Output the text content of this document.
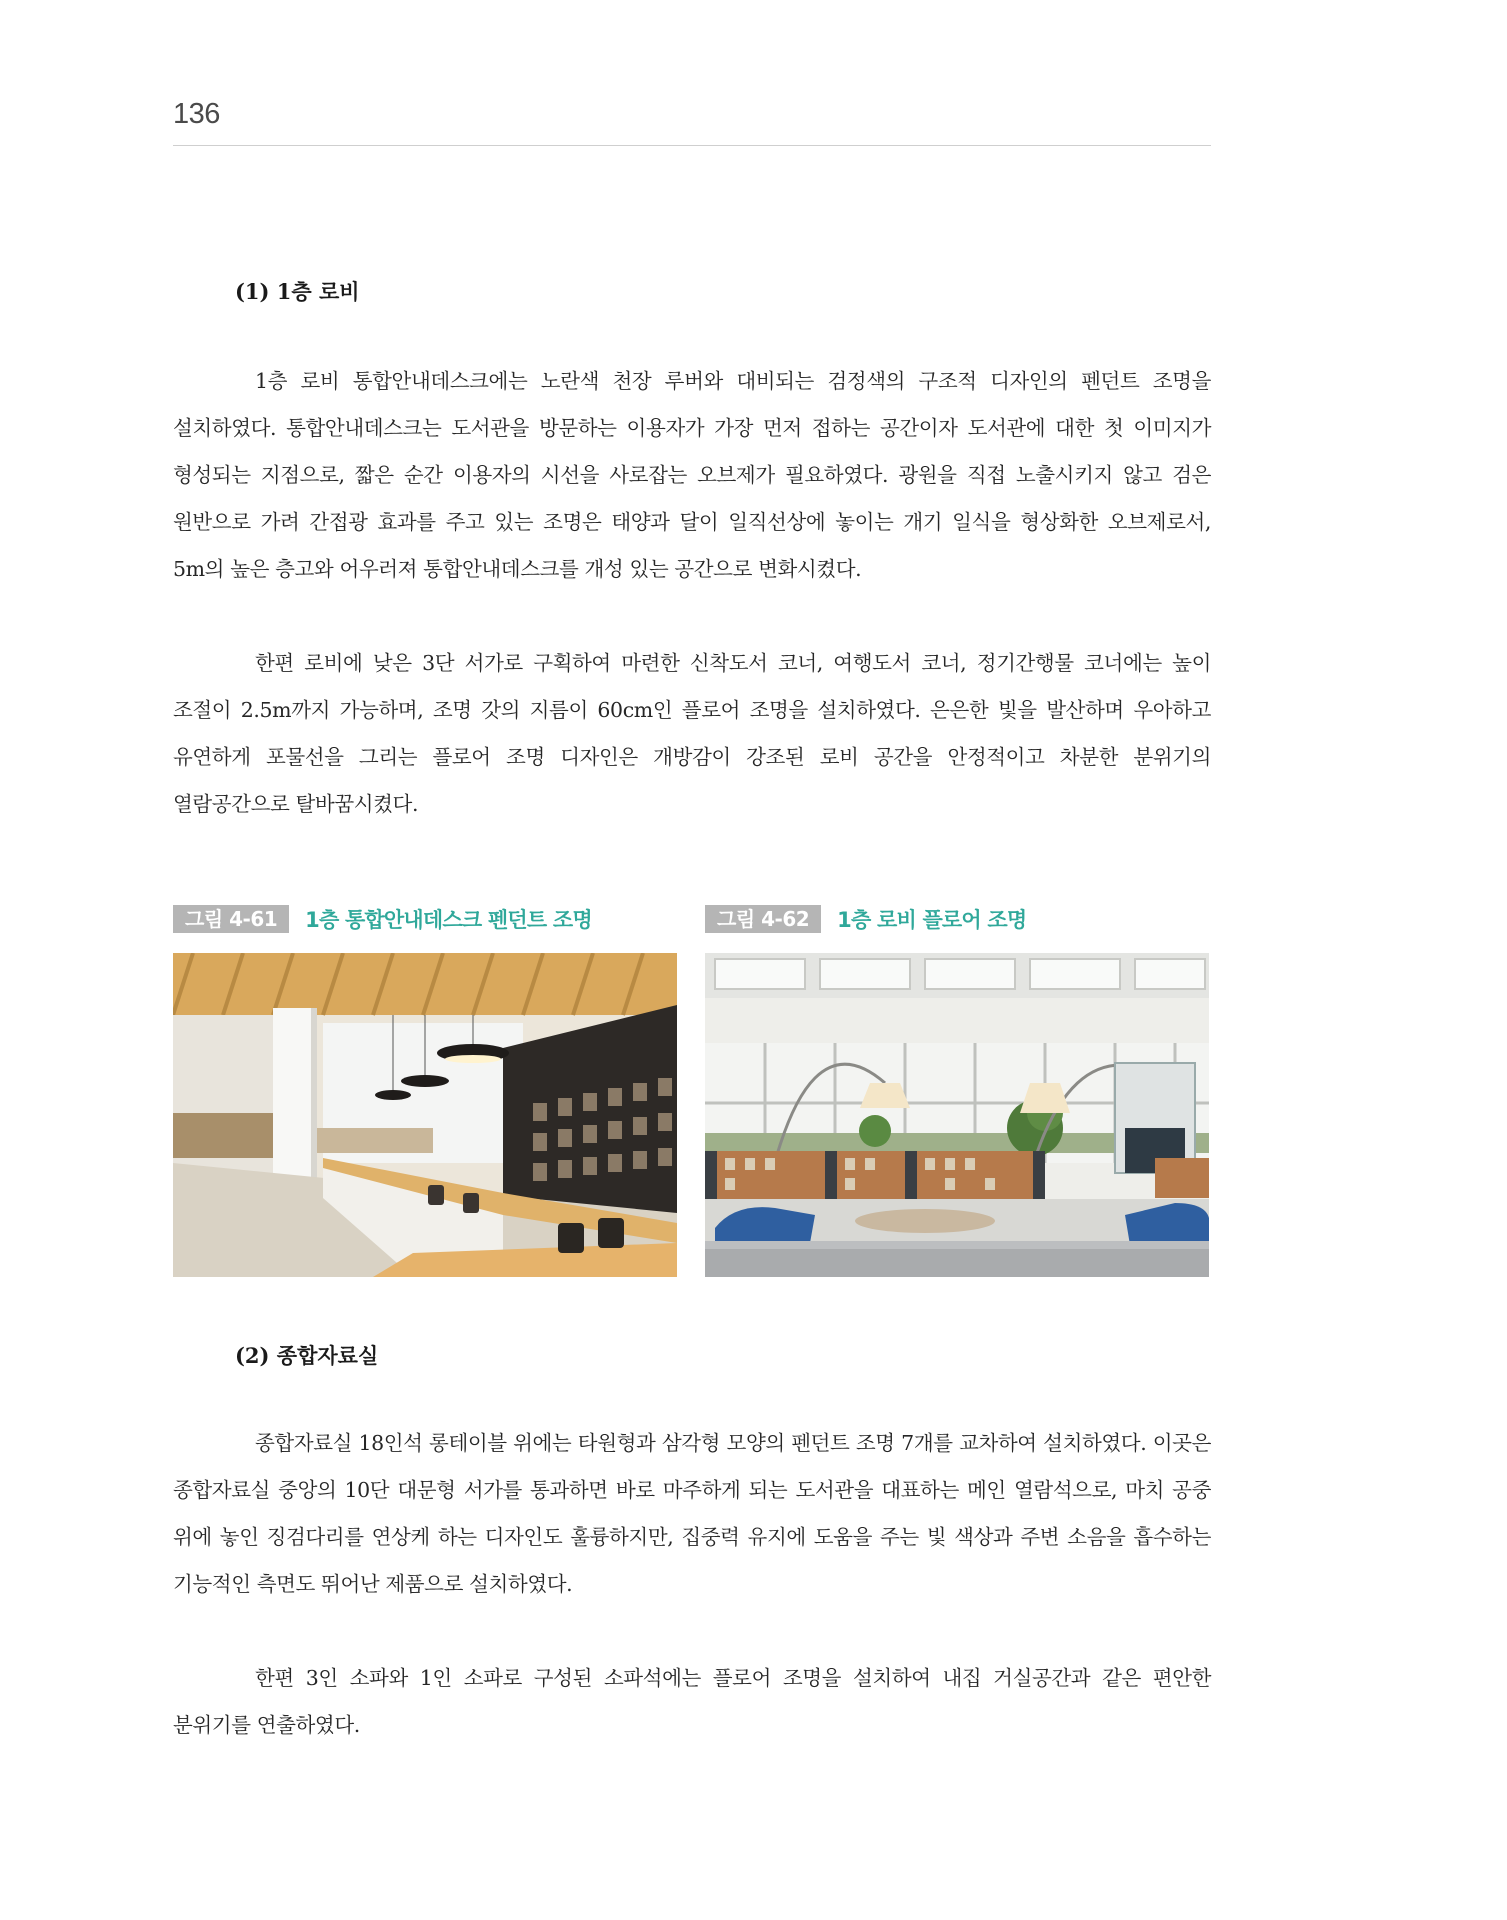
136
(1) 1층 로비

1층 로비 통합안내데스크에는 노란색 천장 루버와 대비되는 검정색의 구조적 디자인의 펜던트 조명을 설치하였다. 통합안내데스크는 도서관을 방문하는 이용자가 가장 먼저 접하는 공간이자 도서관에 대한 첫 이미지가 형성되는 지점으로, 짧은 순간 이용자의 시선을 사로잡는 오브제가 필요하였다. 광원을 직접 노출시키지 않고 검은 원반으로 가려 간접광 효과를 주고 있는 조명은 태양과 달이 일직선상에 놓이는 개기 일식을 형상화한 오브제로서, 5m의 높은 층고와 어우러져 통합안내데스크를 개성 있는 공간으로 변화시켰다.

한편 로비에 낮은 3단 서가로 구획하여 마련한 신착도서 코너, 여행도서 코너, 정기간행물 코너에는 높이 조절이 2.5m까지 가능하며, 조명 갓의 지름이 60cm인 플로어 조명을 설치하였다. 은은한 빛을 발산하며 우아하고 유연하게 포물선을 그리는 플로어 조명 디자인은 개방감이 강조된 로비 공간을 안정적이고 차분한 분위기의 열람공간으로 탈바꿈시켰다.

그림 4-61	1층 통합안내데스크 펜던트 조명	그림 4-62	1층 로비 플로어 조명
(2) 종합자료실

종합자료실 18인석 롱테이블 위에는 타원형과 삼각형 모양의 펜던트 조명 7개를 교차하여 설치하였다. 이곳은 종합자료실 중앙의 10단 대문형 서가를 통과하면 바로 마주하게 되는 도서관을 대표하는 메인 열람석으로, 마치 공중 위에 놓인 징검다리를 연상케 하는 디자인도 훌륭하지만, 집중력 유지에 도움을 주는 빛 색상과 주변 소음을 흡수하는 기능적인 측면도 뛰어난 제품으로 설치하였다.

한편 3인 소파와 1인 소파로 구성된 소파석에는 플로어 조명을 설치하여 내집 거실공간과 같은 편안한 분위기를 연출하였다.
